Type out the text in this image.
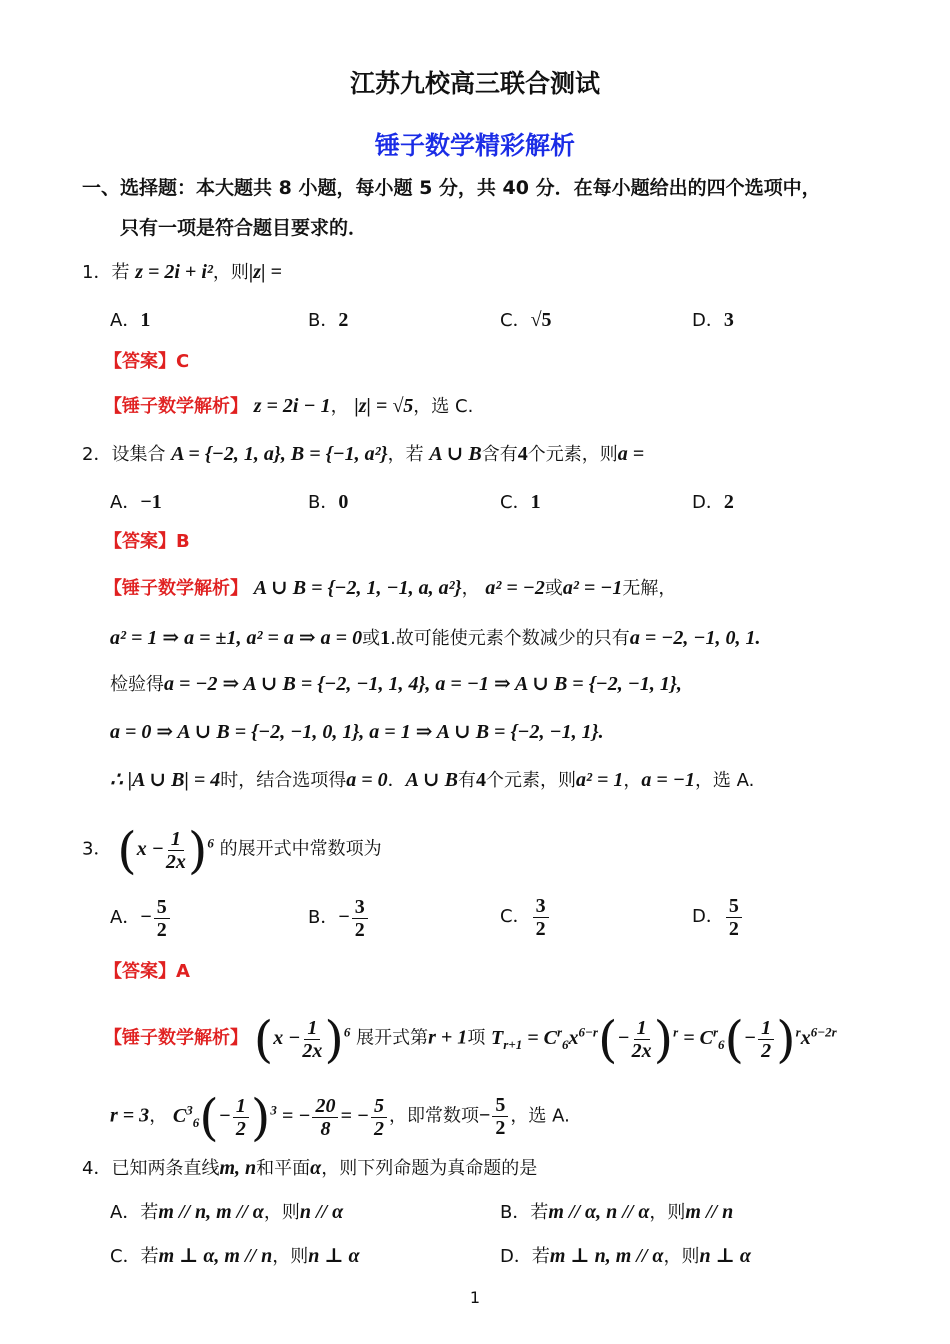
江苏九校高三联合测试
锤子数学精彩解析
一、选择题：本大题共 8 小题，每小题 5 分，共 40 分．在每小题给出的四个选项中，
只有一项是符合题目要求的．
1．若 z = 2i + i²，则|z| =
A．1	B．2	C．√5	D．3
【答案】C
【锤子数学解析】 z = 2i − 1， |z| = √5，选 C.
2．设集合 A = {−2, 1, a}, B = {−1, a²}，若 A ∪ B含有4个元素，则a =
A．−1	B．0	C．1	D．2
【答案】B
【锤子数学解析】 A ∪ B = {−2, 1, −1, a, a²}， a² = −2或a² = −1无解，
a² = 1 ⇒ a = ±1, a² = a ⇒ a = 0或1.故可能使元素个数减少的只有a = −2, −1, 0, 1.
检验得a = −2 ⇒ A ∪ B = {−2, −1, 1, 4}, a = −1 ⇒ A ∪ B = {−2, −1, 1},
a = 0 ⇒ A ∪ B = {−2, −1, 0, 1}, a = 1 ⇒ A ∪ B = {−2, −1, 1}.
∴ |A ∪ B| = 4时，结合选项得a = 0．A ∪ B有4个元素，则a² = 1，a = −1，选 A.
3． $(x - \frac{1}{2x} )^6$ 的展开式中常数项为
A．− $\frac{5}{2}$	B．− $\frac{3}{2}$	C． $\frac{3}{2}$	D． $\frac{5}{2}$
【答案】A
【锤子数学解析】 $(x - \frac{1}{2x} )^6$ 展开式第r + 1项 $T_{r+1} = C^r_6x^{6-r}(- \frac{1}{2x} )^r = C^r_6(- \frac{1}{2} )^rx^{6-2r}$
r = 3， $C^3_6(- \frac{1}{2} )^3$ = − $\frac{20}{8}$ = − $\frac{5}{2}$ ，即常数项− $\frac{5}{2}$ ，选 A.
4．已知两条直线m, n和平面α，则下列命题为真命题的是
A．若m // n, m // α，则n // α	B．若m // α, n // α，则m // n
C．若m ⊥ α, m // n，则n ⊥ α	D．若m ⊥ n, m // α，则n ⊥ α
1
